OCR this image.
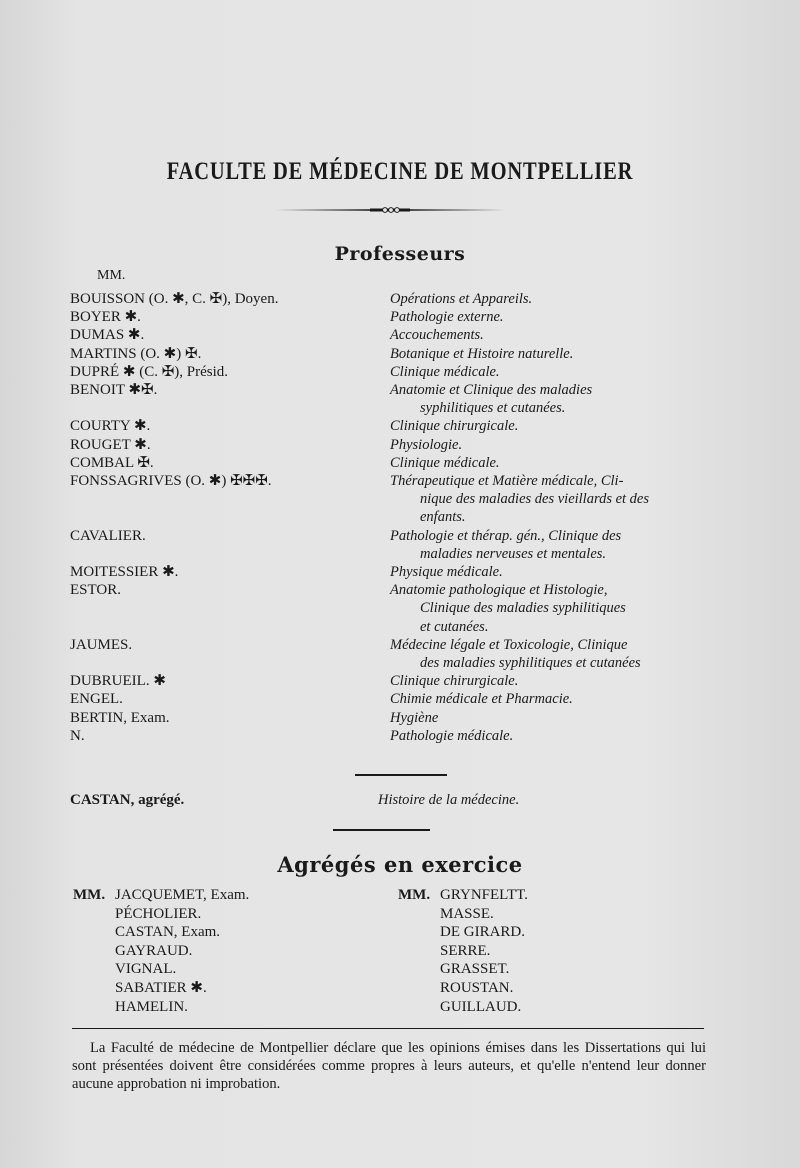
FACULTE DE MÉDECINE DE MONTPELLIER
Professeurs
MM.
BOUISSON (O. ✱, C. ✠), Doyen.	Opérations et Appareils.
BOYER ✱.	Pathologie externe.
DUMAS ✱.	Accouchements.
MARTINS (O. ✱) ✠.	Botanique et Histoire naturelle.
DUPRÉ ✱ (C. ✠), Présid.	Clinique médicale.
BENOIT ✱✠.	Anatomie et Clinique des maladies
syphilitiques et cutanées.
COURTY ✱.	Clinique chirurgicale.
ROUGET ✱.	Physiologie.
COMBAL ✠.	Clinique médicale.
FONSSAGRIVES (O. ✱) ✠✠✠.	Thérapeutique et Matière médicale, Cli-
nique des maladies des vieillards et des
enfants.
CAVALIER.	Pathologie et thérap. gén., Clinique des
maladies nerveuses et mentales.
MOITESSIER ✱.	Physique médicale.
ESTOR.	Anatomie pathologique et Histologie,
Clinique des maladies syphilitiques
et cutanées.
JAUMES.	Médecine légale et Toxicologie, Clinique
des maladies syphilitiques et cutanées
DUBRUEIL. ✱	Clinique chirurgicale.
ENGEL.	Chimie médicale et Pharmacie.
BERTIN, Exam.	Hygiène
N.	Pathologie médicale.
CASTAN, agrégé.	Histoire de la médecine.
Agrégés en exercice
MM. JACQUEMET, Exam.
PÉCHOLIER.
CASTAN, Exam.
GAYRAUD.
VIGNAL.
SABATIER ✱.
HAMELIN.
MM. GRYNFELTT.
MASSE.
DE GIRARD.
SERRE.
GRASSET.
ROUSTAN.
GUILLAUD.
La Faculté de médecine de Montpellier déclare que les opinions émises dans les Dissertations qui lui sont présentées doivent être considérées comme propres à leurs auteurs, et qu'elle n'entend leur donner aucune approbation ni improbation.
